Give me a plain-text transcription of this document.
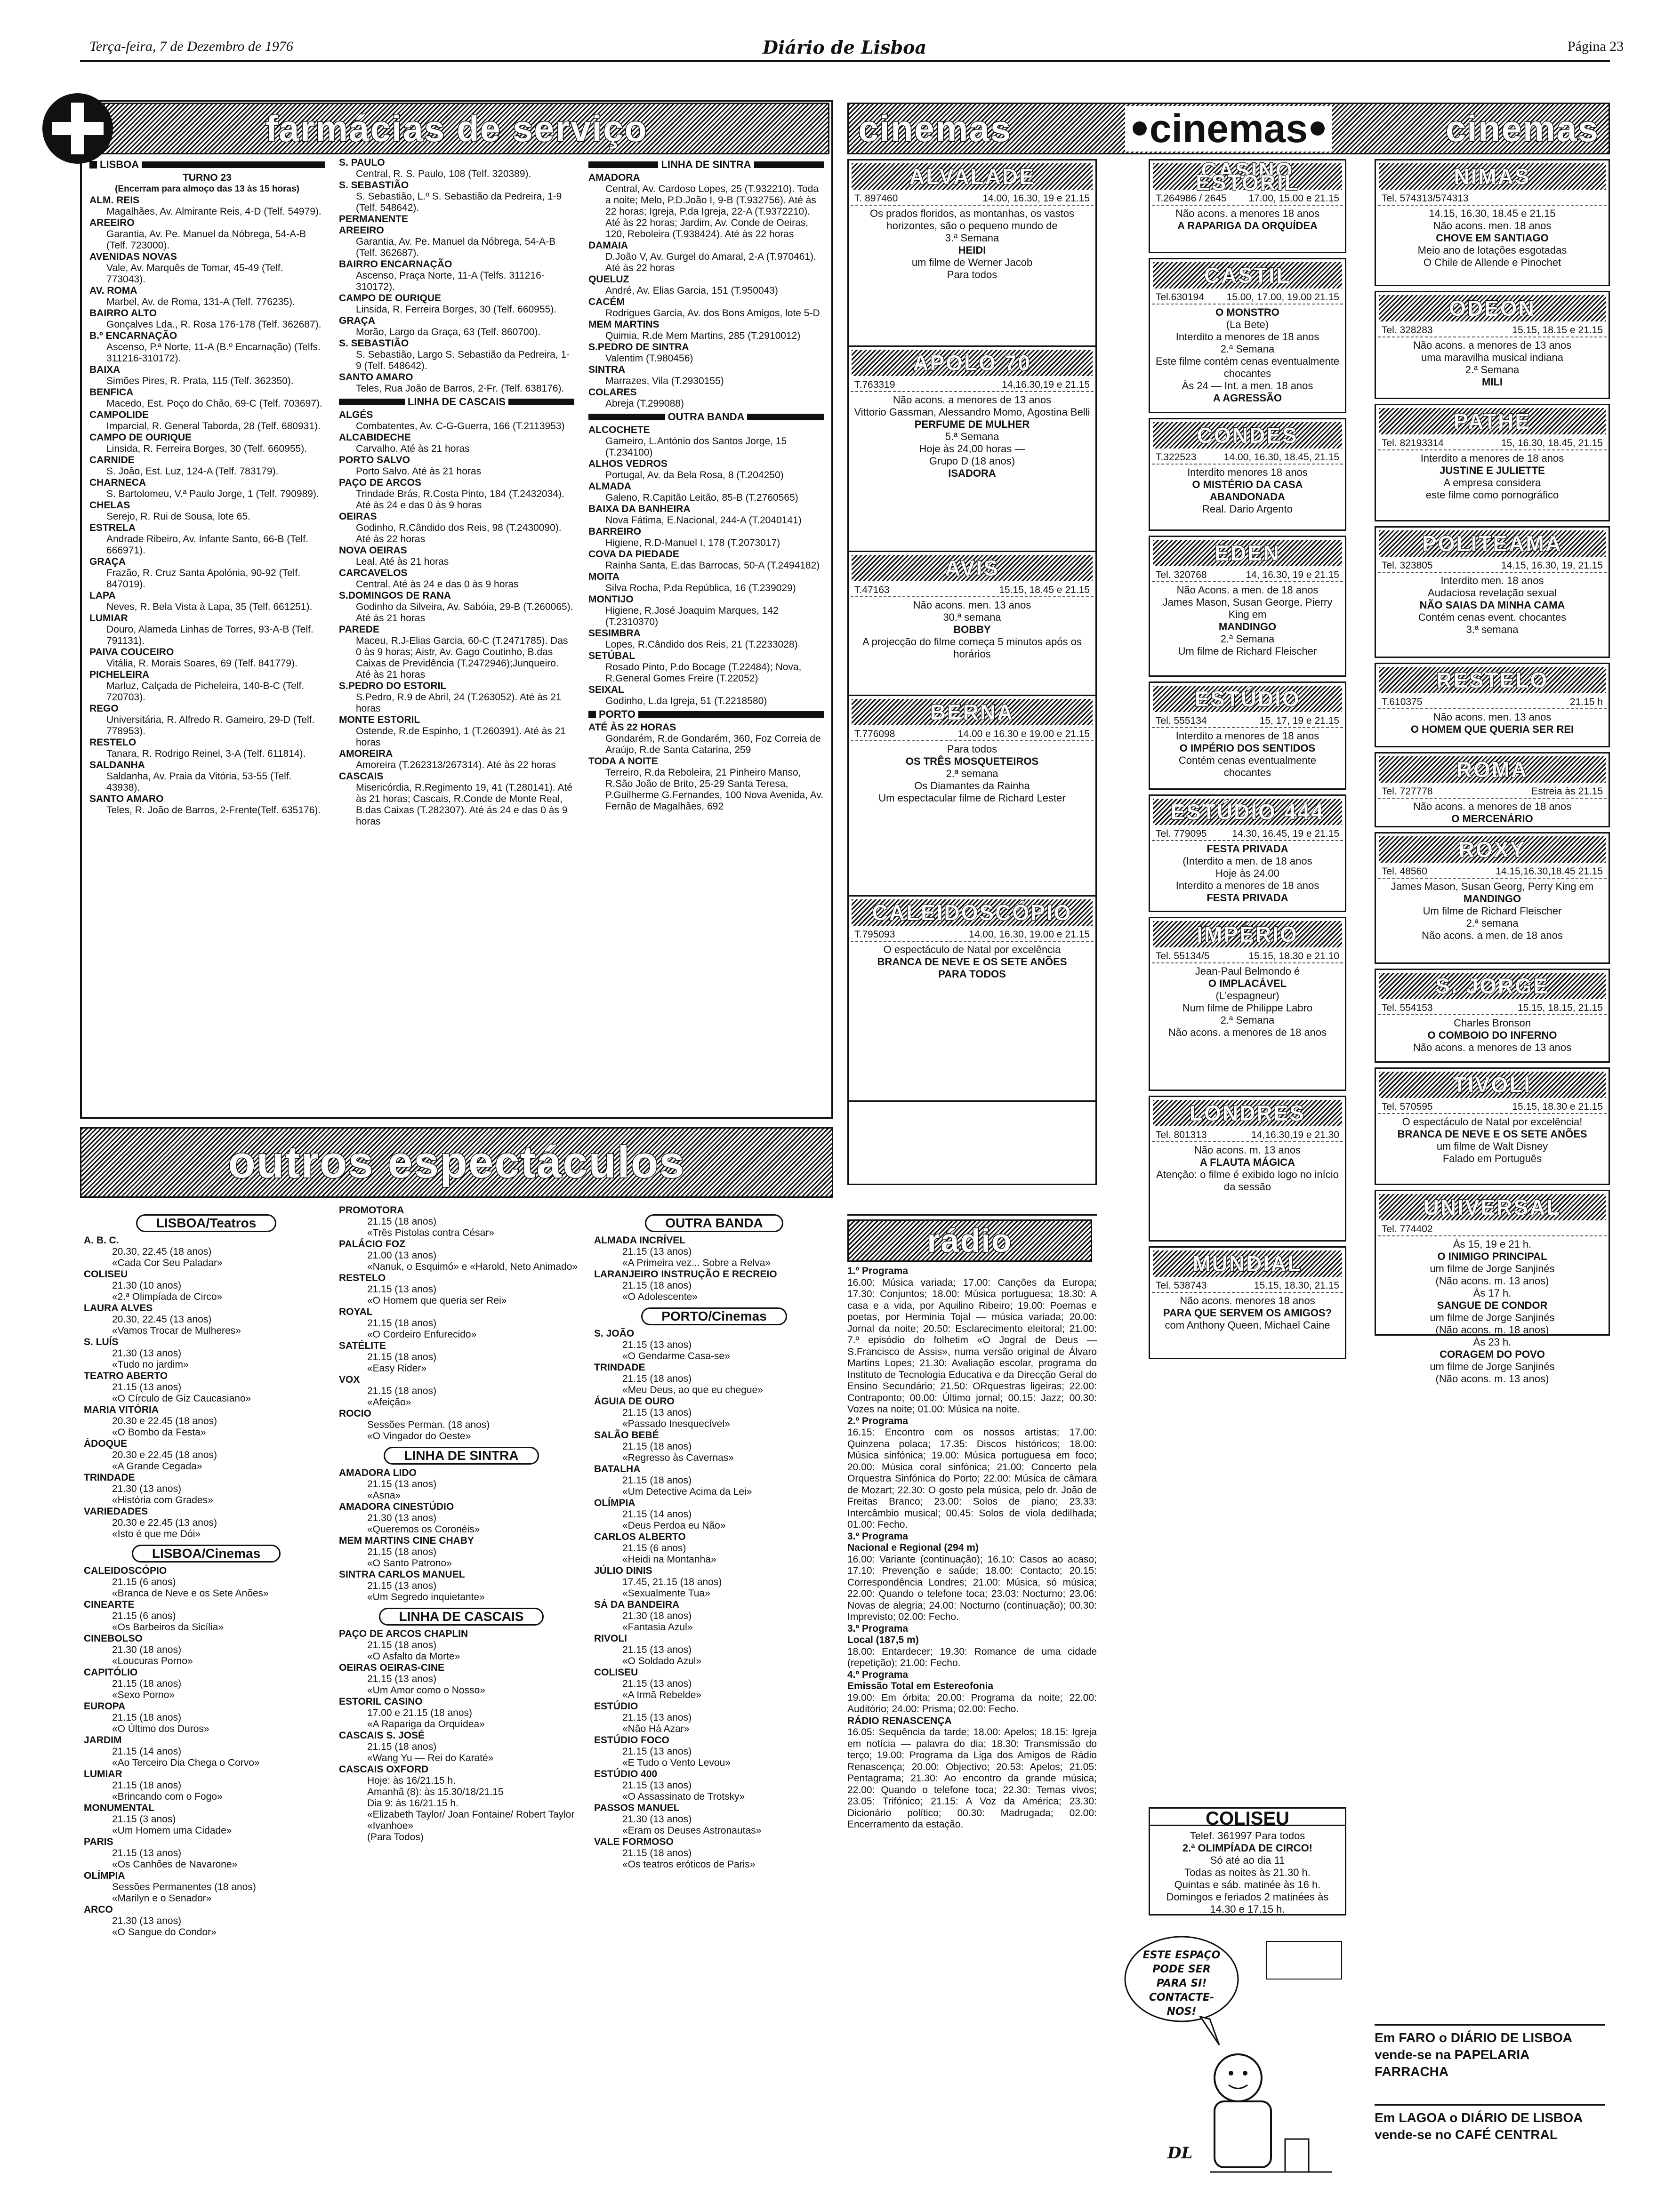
Terça-feira, 7 de Dezembro de 1976	Diário de Lisboa	Página 23
farmácias de serviço
LISBOA
TURNO 23
(Encerram para almoço das 13 às 15 horas)
ALM. REIS
Magalhães, Av. Almirante Reis, 4-D (Telf. 54979).
AREEIRO
Garantia, Av. Pe. Manuel da Nóbrega, 54-A-B (Telf. 723000).
AVENIDAS NOVAS
Vale, Av. Marquês de Tomar, 45-49 (Telf. 773043).
AV. ROMA
Marbel, Av. de Roma, 131-A (Telf. 776235).
BAIRRO ALTO
Gonçalves Lda., R. Rosa 176-178 (Telf. 362687).
B.º ENCARNAÇÃO
Ascenso, P.ª Norte, 11-A (B.º Encarnação) (Telfs. 311216-310172).
BAIXA
Simões Pires, R. Prata, 115 (Telf. 362350).
BENFICA
Macedo, Est. Poço do Chão, 69-C (Telf. 703697).
CAMPOLIDE
Imparcial, R. General Taborda, 28 (Telf. 680931).
CAMPO DE OURIQUE
Linsida, R. Ferreira Borges, 30 (Telf. 660955).
CARNIDE
S. João, Est. Luz, 124-A (Telf. 783179).
CHARNECA
S. Bartolomeu, V.ª Paulo Jorge, 1 (Telf. 790989).
CHELAS
Serejo, R. Rui de Sousa, lote 65.
ESTRELA
Andrade Ribeiro, Av. Infante Santo, 66-B (Telf. 666971).
GRAÇA
Frazão, R. Cruz Santa Apolónia, 90-92 (Telf. 847019).
LAPA
Neves, R. Bela Vista à Lapa, 35 (Telf. 661251).
LUMIAR
Douro, Alameda Linhas de Torres, 93-A-B (Telf. 791131).
PAIVA COUCEIRO
Vitália, R. Morais Soares, 69 (Telf. 841779).
PICHELEIRA
Marluz, Calçada de Picheleira, 140-B-C (Telf. 720703).
REGO
Universitária, R. Alfredo R. Gameiro, 29-D (Telf. 778953).
RESTELO
Tanara, R. Rodrigo Reinel, 3-A (Telf. 611814).
SALDANHA
Saldanha, Av. Praia da Vitória, 53-55 (Telf. 43938).
SANTO AMARO
Teles, R. João de Barros, 2-Frente(Telf. 635176).
S. PAULO
Central, R. S. Paulo, 108 (Telf. 320389).
S. SEBASTIÃO
S. Sebastião, L.º S. Sebastião da Pedreira, 1-9 (Telf. 548642).
PERMANENTE
AREEIRO
Garantia, Av. Pe. Manuel da Nóbrega, 54-A-B (Telf. 362687).
BAIRRO ENCARNAÇÃO
Ascenso, Praça Norte, 11-A (Telfs. 311216-310172).
CAMPO DE OURIQUE
Linsida, R. Ferreira Borges, 30 (Telf. 660955).
GRAÇA
Morão, Largo da Graça, 63 (Telf. 860700).
S. SEBASTIÃO
S. Sebastião, Largo S. Sebastião da Pedreira, 1-9 (Telf. 548642).
SANTO AMARO
Teles, Rua João de Barros, 2-Fr. (Telf. 638176).
LINHA DE CASCAIS
ALGÉS
Combatentes, Av. C-G-Guerra, 166 (T.2113953)
ALCABIDECHE
Carvalho. Até às 21 horas
PORTO SALVO
Porto Salvo. Até às 21 horas
PAÇO DE ARCOS
Trindade Brás, R.Costa Pinto, 184 (T.2432034). Até às 24 e das 0 às 9 horas
OEIRAS
Godinho, R.Cândido dos Reis, 98 (T.2430090). Até às 22 horas
NOVA OEIRAS
Leal. Até às 21 horas
CARCAVELOS
Central. Até às 24 e das 0 às 9 horas
S.DOMINGOS DE RANA
Godinho da Silveira, Av. Sabóia, 29-B (T.260065). Até às 21 horas
PAREDE
Maceu, R.J-Elias Garcia, 60-C (T.2471785). Das 0 às 9 horas; Aistr, Av. Gago Coutinho, B.das Caixas de Previdência (T.2472946);Junqueiro. Até às 21 horas
S.PEDRO DO ESTORIL
S.Pedro, R.9 de Abril, 24 (T.263052). Até às 21 horas
MONTE ESTORIL
Ostende, R.de Espinho, 1 (T.260391). Até às 21 horas
AMOREIRA
Amoreira (T.262313/267314). Até às 22 horas
CASCAIS
Misericórdia, R.Regimento 19, 41 (T.280141). Até às 21 horas; Cascais, R.Conde de Monte Real, B.das Caixas (T.282307). Até às 24 e das 0 às 9 horas
LINHA DE SINTRA
AMADORA
Central, Av. Cardoso Lopes, 25 (T.932210). Toda a noite; Melo, P.D.João I, 9-B (T.932756). Até às 22 horas; Igreja, P.da Igreja, 22-A (T.9372210). Até às 22 horas; Jardim, Av. Conde de Oeiras, 120, Reboleira (T.938424). Até às 22 horas
DAMAIA
D.João V, Av. Gurgel do Amaral, 2-A (T.970461). Até às 22 horas
QUELUZ
André, Av. Elias Garcia, 151 (T.950043)
CACÉM
Rodrigues Garcia, Av. dos Bons Amigos, lote 5-D
MEM MARTINS
Quimia, R.de Mem Martins, 285 (T.2910012)
S.PEDRO DE SINTRA
Valentim (T.980456)
SINTRA
Marrazes, Vila (T.2930155)
COLARES
Abreja (T.299088)
OUTRA BANDA
ALCOCHETE
Gameiro, L.António dos Santos Jorge, 15 (T.234100)
ALHOS VEDROS
Portugal, Av. da Bela Rosa, 8 (T.204250)
ALMADA
Galeno, R.Capitão Leitão, 85-B (T.2760565)
BAIXA DA BANHEIRA
Nova Fátima, E.Nacional, 244-A (T.2040141)
BARREIRO
Higiene, R.D-Manuel I, 178 (T.2073017)
COVA DA PIEDADE
Rainha Santa, E.das Barrocas, 50-A (T.2494182)
MOITA
Silva Rocha, P.da República, 16 (T.239029)
MONTIJO
Higiene, R.José Joaquim Marques, 142 (T.2310370)
SESIMBRA
Lopes, R.Cândido dos Reis, 21 (T.2233028)
SETÚBAL
Rosado Pinto, P.do Bocage (T.22484); Nova, R.General Gomes Freire (T.22052)
SEIXAL
Godinho, L.da Igreja, 51 (T.2218580)
PORTO
ATÉ ÀS 22 HORAS
Gondarém, R.de Gondarém, 360, Foz Correia de Araújo, R.de Santa Catarina, 259
TODA A NOITE
Terreiro, R.da Reboleira, 21 Pinheiro Manso, R.São João de Brito, 25-29 Santa Teresa, P.Guilherme G.Fernandes, 100 Nova Avenida, Av. Fernão de Magalhães, 692
cinemas	cinemas	cinemas
ALVALADE
T. 897460	14.00, 16.30, 19 e 21.15
Os prados floridos, as montanhas, os vastos horizontes, são o pequeno mundo de
3.ª Semana
HEIDI
um filme de Werner Jacob
Para todos
APOLO 70
T.763319	14,16.30,19 e 21.15
Não acons. a menores de 13 anos
Vittorio Gassman, Alessandro Momo, Agostina Belli
PERFUME DE MULHER
5.ª Semana
Hoje às 24,00 horas —
Grupo D (18 anos)
ISADORA
AVIS
T.47163	15.15, 18.45 e 21.15
Não acons. men. 13 anos
30.ª semana
BOBBY
A projecção do filme começa 5 minutos após os horários
BERNA
T.776098	14.00 e 16.30 e 19.00 e 21.15
Para todos
OS TRÊS MOSQUETEIROS
2.ª semana
Os Diamantes da Rainha
Um espectacular filme de Richard Lester
CALEIDOSCÓPIO
T.795093	14.00, 16.30, 19.00 e 21.15
O espectáculo de Natal por excelência
BRANCA DE NEVE E OS SETE ANÕES
PARA TODOS
CASINO ESTORIL
T.264986 / 2645 17.00, 15.00 e 21.15
Não acons. a menores 18 anos
A RAPARIGA DA ORQUÍDEA
CASTIL
Tel.630194 15.00, 17.00, 19.00 21.15
O MONSTRO
(La Bete)
Interdito a menores de 18 anos
2.ª Semana
Este filme contém cenas eventualmente chocantes
Às 24 — Int. a men. 18 anos
A AGRESSÃO
CONDES
T.322523	14.00, 16.30, 18.45, 21.15
Interdito menores 18 anos
O MISTÉRIO DA CASA ABANDONADA
Real. Dario Argento
ÉDEN
Tel. 320768	14, 16.30, 19 e 21.15
Não Acons. a men. de 18 anos
James Mason, Susan George, Pierry King em
MANDINGO
2.ª Semana
Um filme de Richard Fleischer
ESTÚDIO
Tel. 555134	15, 17, 19 e 21.15
Interdito a menores de 18 anos
O IMPÉRIO DOS SENTIDOS
Contém cenas eventualmente chocantes
ESTÚDIO 444
Tel. 779095	14.30, 16.45, 19 e 21.15
FESTA PRIVADA
(Interdito a men. de 18 anos
Hoje às 24.00
Interdito a menores de 18 anos
FESTA PRIVADA
IMPÉRIO
Tel. 55134/5	15.15, 18.30 e 21.10
Jean-Paul Belmondo é
O IMPLACÁVEL
(L'espagneur)
Num filme de Philippe Labro
2.ª Semana
Não acons. a menores de 18 anos
LONDRES
Tel. 801313	14,16.30,19 e 21.30
Não acons. m. 13 anos
A FLAUTA MÁGICA
Atenção: o filme é exibido logo no início da sessão
MUNDIAL
Tel. 538743	15.15, 18.30, 21.15
Não acons. menores 18 anos
PARA QUE SERVEM OS AMIGOS?
com Anthony Queen, Michael Caine
NIMAS
Tel. 574313/574313
14.15, 16.30, 18.45 e 21.15
Não acons. men. 18 anos
CHOVE EM SANTIAGO
Meio ano de lotações esgotadas
O Chile de Allende e Pinochet
ODEON
Tel. 328283	15.15, 18.15 e 21.15
Não acons. a menores de 13 anos
uma maravilha musical indiana
2.ª Semana
MILI
PATHÉ
Tel. 82193314	15, 16.30, 18.45, 21.15
Interdito a menores de 18 anos
JUSTINE E JULIETTE
A empresa considera
este filme como pornográfico
POLITEAMA
Tel. 323805	14.15, 16.30, 19, 21.15
Interdito men. 18 anos
Audaciosa revelação sexual
NÃO SAIAS DA MINHA CAMA
Contém cenas event. chocantes
3.ª semana
RESTELO
T.610375	21.15 h
Não acons. men. 13 anos
O HOMEM QUE QUERIA SER REI
ROMA
Tel. 727778	Estreia às 21.15
Não acons. a menores de 18 anos
O MERCENÁRIO
ROXY
Tel. 48560	14.15,16.30,18.45 21.15
James Mason, Susan Georg, Perry King em
MANDINGO
Um filme de Richard Fleischer
2.ª semana
Não acons. a men. de 18 anos
S. JORGE
Tel. 554153	15.15, 18.15, 21.15
Charles Bronson
O COMBOIO DO INFERNO
Não acons. a menores de 13 anos
TIVOLI
Tel. 570595	15.15, 18.30 e 21.15
O espectáculo de Natal por excelência!
BRANCA DE NEVE E OS SETE ANÕES
um filme de Walt Disney
Falado em Português
UNIVERSAL
Tel. 774402
Às 15, 19 e 21 h.
O INIMIGO PRINCIPAL
um filme de Jorge Sanjinés
(Não acons. m. 13 anos)
Às 17 h.
SANGUE DE CONDOR
um filme de Jorge Sanjinés
(Não acons. m. 18 anos)
Às 23 h.
CORAGEM DO POVO
um filme de Jorge Sanjinés
(Não acons. m. 13 anos)
COLISEU
Telef. 361997 Para todos
2.ª OLIMPÍADA DE CIRCO!
Só até ao dia 11
Todas as noites às 21.30 h.
Quintas e sáb. matinée às 16 h.
Domingos e feriados 2 matinées às 14.30 e 17.15 h.
ESTE ESPAÇO PODE SER PARA SI! CONTACTE-NOS!
DL
Em FARO o DIÁRIO DE LISBOA vende-se na PAPELARIA FARRACHA
Em LAGOA o DIÁRIO DE LISBOA vende-se no CAFÉ CENTRAL
outros espectáculos
LISBOA/Teatros
A. B. C.
20.30, 22.45 (18 anos)
«Cada Cor Seu Paladar»
COLISEU
21.30 (10 anos)
«2.ª Olimpíada de Circo»
LAURA ALVES
20.30, 22.45 (13 anos)
«Vamos Trocar de Mulheres»
S. LUÍS
21.30 (13 anos)
«Tudo no jardim»
TEATRO ABERTO
21.15 (13 anos)
«O Círculo de Giz Caucasiano»
MARIA VITÓRIA
20.30 e 22.45 (18 anos)
«O Bombo da Festa»
ÁDOQUE
20.30 e 22.45 (18 anos)
«A Grande Cegada»
TRINDADE
21.30 (13 anos)
«História com Grades»
VARIEDADES
20.30 e 22.45 (13 anos)
«Isto é que me Dói»
LISBOA/Cinemas
CALEIDOSCÓPIO
21.15 (6 anos)
«Branca de Neve e os Sete Anões»
CINEARTE
21.15 (6 anos)
«Os Barbeiros da Sicília»
CINEBOLSO
21.30 (18 anos)
«Loucuras Porno»
CAPITÓLIO
21.15 (18 anos)
«Sexo Porno»
EUROPA
21.15 (18 anos)
«O Último dos Duros»
JARDIM
21.15 (14 anos)
«Ao Terceiro Dia Chega o Corvo»
LUMIAR
21.15 (18 anos)
«Brincando com o Fogo»
MONUMENTAL
21.15 (3 anos)
«Um Homem uma Cidade»
PARIS
21.15 (13 anos)
«Os Canhões de Navarone»
OLÍMPIA
Sessões Permanentes (18 anos)
«Marilyn e o Senador»
ARCO
21.30 (13 anos)
«O Sangue do Condor»
PROMOTORA
21.15 (18 anos)
«Três Pistolas contra César»
PALÁCIO FOZ
21.00 (13 anos)
«Nanuk, o Esquimó» e «Harold, Neto Animado»
RESTELO
21.15 (13 anos)
«O Homem que queria ser Rei»
ROYAL
21.15 (18 anos)
«O Cordeiro Enfurecido»
SATÉLITE
21.15 (18 anos)
«Easy Rider»
VOX
21.15 (18 anos)
«Afeição»
ROCIO
Sessões Perman. (18 anos)
«O Vingador do Oeste»
LINHA DE SINTRA
AMADORA LIDO
21.15 (13 anos)
«Asna»
AMADORA CINESTÚDIO
21.30 (13 anos)
«Queremos os Coronéis»
MEM MARTINS CINE CHABY
21.15 (18 anos)
«O Santo Patrono»
SINTRA CARLOS MANUEL
21.15 (13 anos)
«Um Segredo inquietante»
LINHA DE CASCAIS
PAÇO DE ARCOS CHAPLIN
21.15 (18 anos)
«O Asfalto da Morte»
OEIRAS OEIRAS-CINE
21.15 (13 anos)
«Um Amor como o Nosso»
ESTORIL CASINO
17.00 e 21.15 (18 anos)
«A Rapariga da Orquídea»
CASCAIS S. JOSÉ
21.15 (18 anos)
«Wang Yu — Rei do Karaté»
CASCAIS OXFORD
Hoje: às 16/21.15 h.
Amanhã (8): às 15.30/18/21.15
Dia 9: às 16/21.15 h.
«Elizabeth Taylor/ Joan Fontaine/ Robert Taylor «Ivanhoe»
(Para Todos)
OUTRA BANDA
ALMADA INCRÍVEL
21.15 (13 anos)
«A Primeira vez... Sobre a Relva»
LARANJEIRO INSTRUÇÃO E RECREIO
21.15 (18 anos)
«O Adolescente»
PORTO/Cinemas
S. JOÃO
21.15 (13 anos)
«O Gendarme Casa-se»
TRINDADE
21.15 (18 anos)
«Meu Deus, ao que eu chegue»
ÁGUIA DE OURO
21.15 (13 anos)
«Passado Inesquecível»
SALÃO BEBÉ
21.15 (18 anos)
«Regresso às Cavernas»
BATALHA
21.15 (18 anos)
«Um Detective Acima da Lei»
OLÍMPIA
21.15 (14 anos)
«Deus Perdoa eu Não»
CARLOS ALBERTO
21.15 (6 anos)
«Heidi na Montanha»
JÚLIO DINIS
17.45, 21.15 (18 anos)
«Sexualmente Tua»
SÁ DA BANDEIRA
21.30 (18 anos)
«Fantasia Azul»
RIVOLI
21.15 (13 anos)
«O Soldado Azul»
COLISEU
21.15 (13 anos)
«A Irmã Rebelde»
ESTÚDIO
21.15 (13 anos)
«Não Há Azar»
ESTÚDIO FOCO
21.15 (13 anos)
«E Tudo o Vento Levou»
ESTÚDIO 400
21.15 (13 anos)
«O Assassinato de Trotsky»
PASSOS MANUEL
21.30 (13 anos)
«Eram os Deuses Astronautas»
VALE FORMOSO
21.15 (18 anos)
«Os teatros eróticos de Paris»
rádio
1.º Programa
16.00: Música variada; 17.00: Canções da Europa; 17.30: Conjuntos; 18.00: Música portuguesa; 18.30: A casa e a vida, por Aquilino Ribeiro; 19.00: Poemas e poetas, por Herminia Tojal — música variada; 20.00: Jornal da noite; 20.50: Esclarecimento eleitoral; 21.00: 7.º episódio do folhetim «O Jogral de Deus — S.Francisco de Assis», numa versão original de Álvaro Martins Lopes; 21.30: Avaliação escolar, programa do Instituto de Tecnologia Educativa e da Direcção Geral do Ensino Secundário; 21.50: ORquestras ligeiras; 22.00: Contraponto; 00.00: Último jornal; 00.15: Jazz; 00.30: Vozes na noite; 01.00: Música na noite.
2.º Programa
16.15: Encontro com os nossos artistas; 17.00: Quinzena polaca; 17.35: Discos históricos; 18.00: Música sinfónica; 19.00: Música portuguesa em foco; 20.00: Música coral sinfónica; 21.00: Concerto pela Orquestra Sinfónica do Porto; 22.00: Música de câmara de Mozart; 22.30: O gosto pela música, pelo dr. João de Freitas Branco; 23.00: Solos de piano; 23.33: Intercâmbio musical; 00.45: Solos de viola dedilhada; 01.00: Fecho.
3.º Programa
Nacional e Regional (294 m)
16.00: Variante (continuação); 16.10: Casos ao acaso; 17.10: Prevenção e saúde; 18.00: Contacto; 20.15: Correspondência Londres; 21.00: Música, só música; 22.00: Quando o telefone toca; 23.03: Nocturno; 23.06: Novas de alegria; 24.00: Nocturno (continuação); 00.30: Imprevisto; 02.00: Fecho.
3.º Programa
Local (187,5 m)
18.00: Entardecer; 19.30: Romance de uma cidade (repetição); 21.00: Fecho.
4.º Programa
Emissão Total em Estereofonia
19.00: Em órbita; 20.00: Programa da noite; 22.00: Auditório; 24.00: Prisma; 02.00: Fecho.
RÁDIO RENASCENÇA
16.05: Sequência da tarde; 18.00: Apelos; 18.15: Igreja em notícia — palavra do dia; 18.30: Transmissão do terço; 19.00: Programa da Liga dos Amigos de Rádio Renascença; 20.00: Objectivo; 20.53: Apelos; 21.05: Pentagrama; 21.30: Ao encontro da grande música; 22.00: Quando o telefone toca; 22.30: Temas vivos; 23.05: Trifónico; 21.15: A Voz da América; 23.30: Dicionário político; 00.30: Madrugada; 02.00: Encerramento da estação.
